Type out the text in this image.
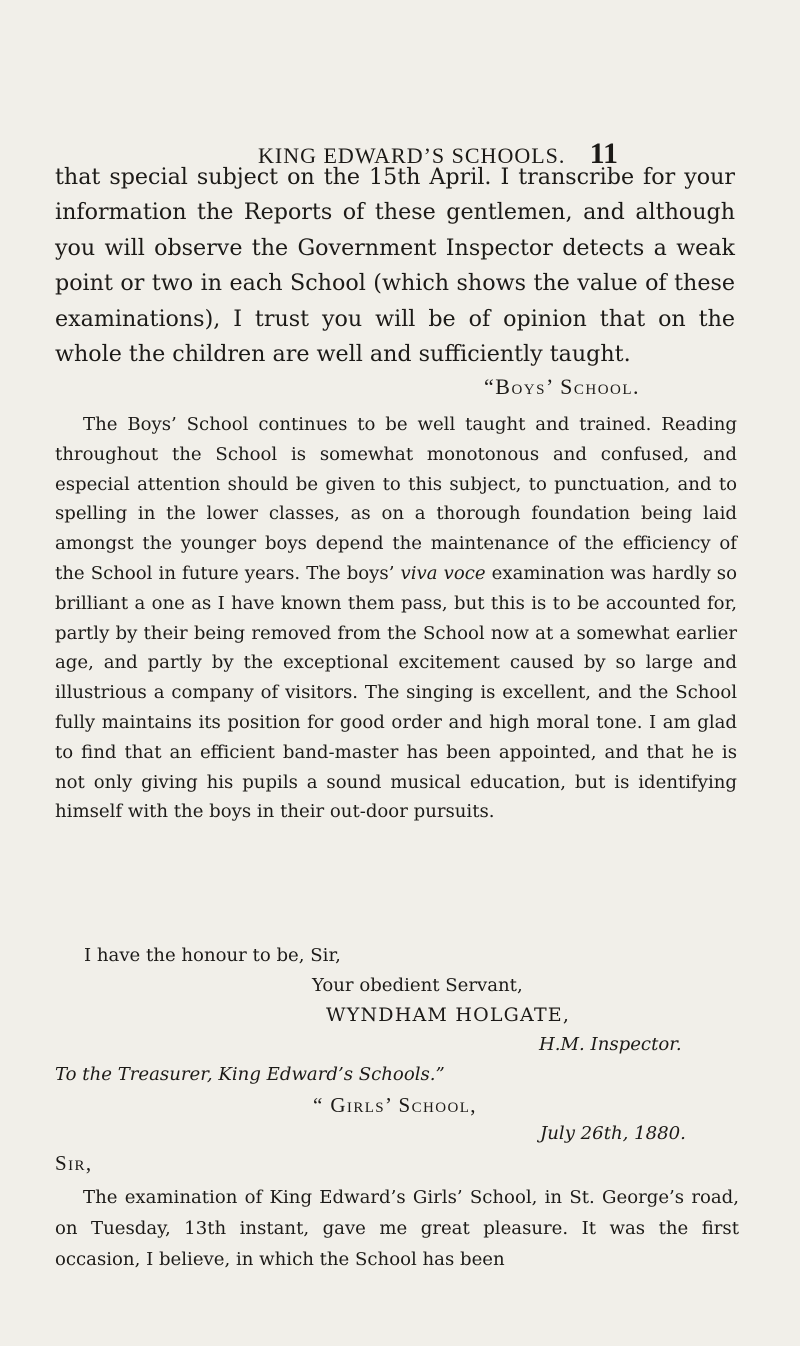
KING EDWARD’S SCHOOLS. 11
that special subject on the 15th April. I transcribe for your information the Reports of these gentlemen, and although you will observe the Government Inspector detects a weak point or two in each School (which shows the value of these examinations), I trust you will be of opinion that on the whole the children are well and sufficiently taught.
“Boys’ School.

The Boys’ School continues to be well taught and trained. Reading throughout the School is somewhat monotonous and confused, and especial attention should be given to this subject, to punctuation, and to spelling in the lower classes, as on a thorough foundation being laid amongst the younger boys depend the maintenance of the efficiency of the School in future years. The boys’ viva voce examination was hardly so brilliant a one as I have known them pass, but this is to be accounted for, partly by their being removed from the School now at a somewhat earlier age, and partly by the exceptional excitement caused by so large and illustrious a company of visitors. The singing is excellent, and the School fully maintains its position for good order and high moral tone. I am glad to find that an efficient band-master has been appointed, and that he is not only giving his pupils a sound musical education, but is identifying himself with the boys in their out-door pursuits.

I have the honour to be, Sir,
Your obedient Servant,
WYNDHAM HOLGATE,
H.M. Inspector.
To the Treasurer, King Edward’s Schools.”
“ Girls’ School,
July 26th, 1880.
Sir,

The examination of King Edward’s Girls’ School, in St. George’s road, on Tuesday, 13th instant, gave me great pleasure. It was the first occasion, I believe, in which the School has been
